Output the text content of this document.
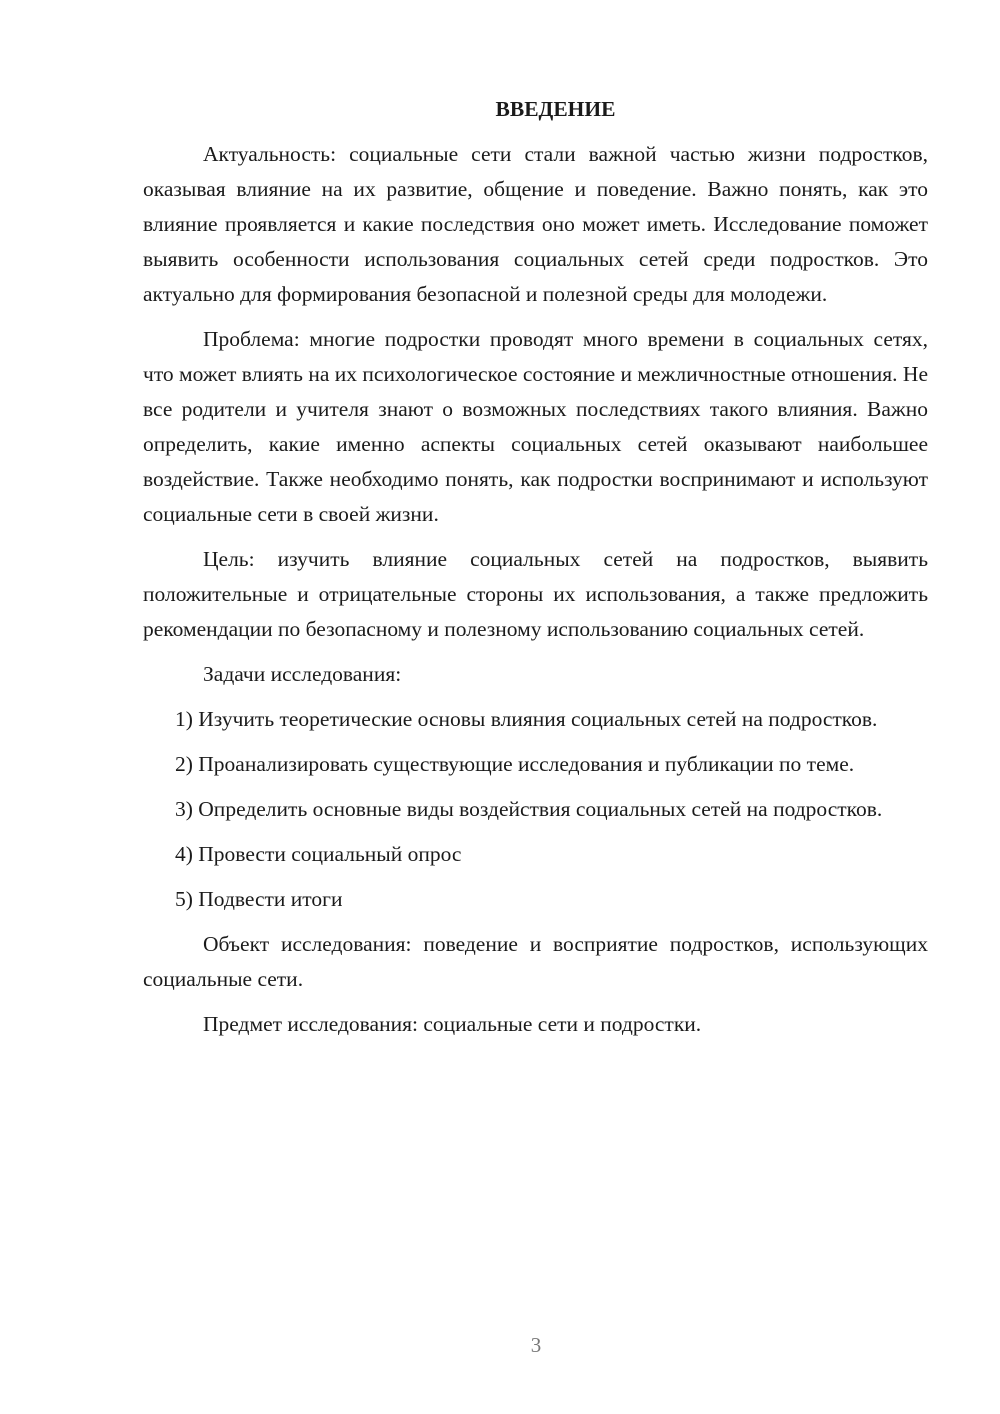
ВВЕДЕНИЕ

Актуальность: социальные сети стали важной частью жизни подростков, оказывая влияние на их развитие, общение и поведение. Важно понять, как это влияние проявляется и какие последствия оно может иметь. Исследование поможет выявить особенности использования социальных сетей среди подростков. Это актуально для формирования безопасной и полезной среды для молодежи.

Проблема: многие подростки проводят много времени в социальных сетях, что может влиять на их психологическое состояние и межличностные отношения. Не все родители и учителя знают о возможных последствиях такого влияния. Важно определить, какие именно аспекты социальных сетей оказывают наибольшее воздействие. Также необходимо понять, как подростки воспринимают и используют социальные сети в своей жизни.

Цель: изучить влияние социальных сетей на подростков, выявить положительные и отрицательные стороны их использования, а также предложить рекомендации по безопасному и полезному использованию социальных сетей.

Задачи исследования:

1) Изучить теоретические основы влияния социальных сетей на подростков.

2) Проанализировать существующие исследования и публикации по теме.

3) Определить основные виды воздействия социальных сетей на подростков.

4) Провести социальный опрос

5) Подвести итоги

Объект исследования: поведение и восприятие подростков, использующих социальные сети.

Предмет исследования: социальные сети и подростки.

3
